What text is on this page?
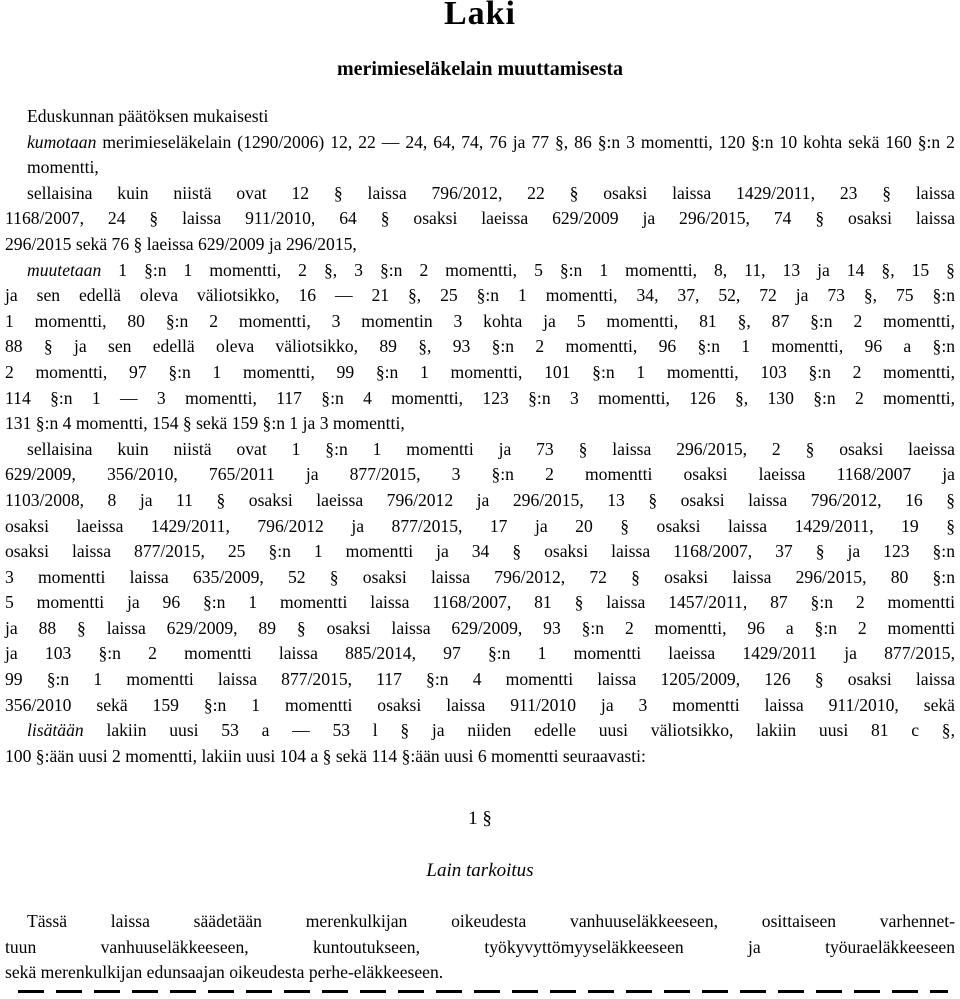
Laki
merimieseläkelain muuttamisesta

Eduskunnan päätöksen mukaisesti

kumotaan merimieseläkelain (1290/2006) 12, 22 — 24, 64, 74, 76 ja 77 §, 86 §:n 3 momentti, 120 §:n 10 kohta sekä 160 §:n 2 momentti,

sellaisina kuin niistä ovat 12 § laissa 796/2012, 22 § osaksi laissa 1429/2011, 23 § laissa

1168/2007, 24 § laissa 911/2010, 64 § osaksi laeissa 629/2009 ja 296/2015, 74 § osaksi laissa

296/2015 sekä 76 § laeissa 629/2009 ja 296/2015,

muutetaan 1 §:n 1 momentti, 2 §, 3 §:n 2 momentti, 5 §:n 1 momentti, 8, 11, 13 ja 14 §, 15 §

ja sen edellä oleva väliotsikko, 16 — 21 §, 25 §:n 1 momentti, 34, 37, 52, 72 ja 73 §, 75 §:n

1 momentti, 80 §:n 2 momentti, 3 momentin 3 kohta ja 5 momentti, 81 §, 87 §:n 2 momentti,

88 § ja sen edellä oleva väliotsikko, 89 §, 93 §:n 2 momentti, 96 §:n 1 momentti, 96 a §:n

2 momentti, 97 §:n 1 momentti, 99 §:n 1 momentti, 101 §:n 1 momentti, 103 §:n 2 momentti,

114 §:n 1 — 3 momentti, 117 §:n 4 momentti, 123 §:n 3 momentti, 126 §, 130 §:n 2 momentti,

131 §:n 4 momentti, 154 § sekä 159 §:n 1 ja 3 momentti,

sellaisina kuin niistä ovat 1 §:n 1 momentti ja 73 § laissa 296/2015, 2 § osaksi laeissa

629/2009, 356/2010, 765/2011 ja 877/2015, 3 §:n 2 momentti osaksi laeissa 1168/2007 ja

1103/2008, 8 ja 11 § osaksi laeissa 796/2012 ja 296/2015, 13 § osaksi laissa 796/2012, 16 §

osaksi laeissa 1429/2011, 796/2012 ja 877/2015, 17 ja 20 § osaksi laissa 1429/2011, 19 §

osaksi laissa 877/2015, 25 §:n 1 momentti ja 34 § osaksi laissa 1168/2007, 37 § ja 123 §:n

3 momentti laissa 635/2009, 52 § osaksi laissa 796/2012, 72 § osaksi laissa 296/2015, 80 §:n

5 momentti ja 96 §:n 1 momentti laissa 1168/2007, 81 § laissa 1457/2011, 87 §:n 2 momentti

ja 88 § laissa 629/2009, 89 § osaksi laissa 629/2009, 93 §:n 2 momentti, 96 a §:n 2 momentti

ja 103 §:n 2 momentti laissa 885/2014, 97 §:n 1 momentti laeissa 1429/2011 ja 877/2015,

99 §:n 1 momentti laissa 877/2015, 117 §:n 4 momentti laissa 1205/2009, 126 § osaksi laissa

356/2010 sekä 159 §:n 1 momentti osaksi laissa 911/2010 ja 3 momentti laissa 911/2010, sekä

lisätään lakiin uusi 53 a — 53 l § ja niiden edelle uusi väliotsikko, lakiin uusi 81 c §,

100 §:ään uusi 2 momentti, lakiin uusi 104 a § sekä 114 §:ään uusi 6 momentti seuraavasti:

1 §
Lain tarkoitus

Tässä laissa säädetään merenkulkijan oikeudesta vanhuuseläkkeeseen, osittaiseen varhennet-

tuun vanhuuseläkkeeseen, kuntoutukseen, työkyvyttömyyseläkkeeseen ja työuraeläkkeeseen

sekä merenkulkijan edunsaajan oikeudesta perhe-eläkkeeseen.
